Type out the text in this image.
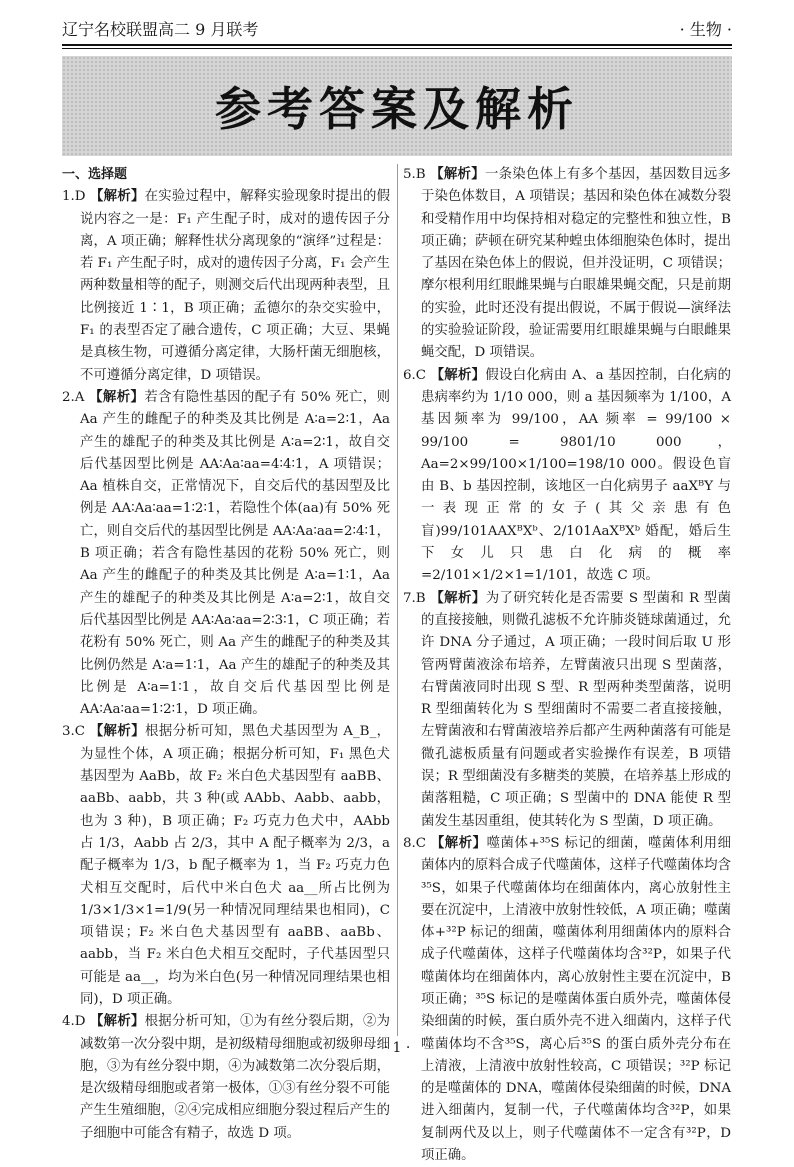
辽宁名校联盟高二 9 月联考	· 生物 ·
参考答案及解析

一、选择题

1.D 【解析】在实验过程中，解释实验现象时提出的假说内容之一是：F₁ 产生配子时，成对的遗传因子分离，A 项正确；解释性状分离现象的“演绎”过程是：若 F₁ 产生配子时，成对的遗传因子分离，F₁ 会产生两种数量相等的配子，则测交后代出现两种表型，且比例接近 1∶1，B 项正确；孟德尔的杂交实验中，F₁ 的表型否定了融合遗传，C 项正确；大豆、果蝇是真核生物，可遵循分离定律，大肠杆菌无细胞核，不可遵循分离定律，D 项错误。

2.A 【解析】若含有隐性基因的配子有 50% 死亡，则 Aa 产生的雌配子的种类及其比例是 A∶a=2∶1，Aa 产生的雄配子的种类及其比例是 A∶a=2∶1，故自交后代基因型比例是 AA∶Aa∶aa=4∶4∶1，A 项错误；Aa 植株自交，正常情况下，自交后代的基因型及比例是 AA∶Aa∶aa=1∶2∶1，若隐性个体(aa)有 50% 死亡，则自交后代的基因型比例是 AA∶Aa∶aa=2∶4∶1，B 项正确；若含有隐性基因的花粉 50% 死亡，则 Aa 产生的雌配子的种类及其比例是 A∶a=1∶1，Aa 产生的雄配子的种类及其比例是 A∶a=2∶1，故自交后代基因型比例是 AA∶Aa∶aa=2∶3∶1，C 项正确；若花粉有 50% 死亡，则 Aa 产生的雌配子的种类及其比例仍然是 A∶a=1∶1，Aa 产生的雄配子的种类及其比例是 A∶a=1∶1，故自交后代基因型比例是 AA∶Aa∶aa=1∶2∶1，D 项正确。

3.C 【解析】根据分析可知，黑色犬基因型为 A_B_，为显性个体，A 项正确；根据分析可知，F₁ 黑色犬基因型为 AaBb，故 F₂ 米白色犬基因型有 aaBB、aaBb、aabb，共 3 种(或 AAbb、Aabb、aabb，也为 3 种)，B 项正确；F₂ 巧克力色犬中，AAbb 占 1/3，Aabb 占 2/3，其中 A 配子概率为 2/3，a 配子概率为 1/3，b 配子概率为 1，当 F₂ 巧克力色犬相互交配时，后代中米白色犬 aa__所占比例为 1/3×1/3×1=1/9(另一种情况同理结果也相同)，C 项错误；F₂ 米白色犬基因型有 aaBB、aaBb、aabb，当 F₂ 米白色犬相互交配时，子代基因型只可能是 aa__，均为米白色(另一种情况同理结果也相同)，D 项正确。

4.D 【解析】根据分析可知，①为有丝分裂后期，②为减数第一次分裂中期，是初级精母细胞或初级卵母细胞，③为有丝分裂中期，④为减数第二次分裂后期，是次级精母细胞或者第一极体，①③有丝分裂不可能产生生殖细胞，②④完成相应细胞分裂过程后产生的子细胞中可能含有精子，故选 D 项。

5.B 【解析】一条染色体上有多个基因，基因数目远多于染色体数目，A 项错误；基因和染色体在减数分裂和受精作用中均保持相对稳定的完整性和独立性，B 项正确；萨顿在研究某种蝗虫体细胞染色体时，提出了基因在染色体上的假说，但并没证明，C 项错误；摩尔根利用红眼雌果蝇与白眼雄果蝇交配，只是前期的实验，此时还没有提出假说，不属于假说—演绎法的实验验证阶段，验证需要用红眼雄果蝇与白眼雌果蝇交配，D 项错误。

6.C 【解析】假设白化病由 A、a 基因控制，白化病的患病率约为 1/10 000，则 a 基因频率为 1/100，A 基因频率为 99/100，AA 频率 = 99/100 × 99/100 = 9801/10 000，Aa=2×99/100×1/100=198/10 000。假设色盲由 B、b 基因控制，该地区一白化病男子 aaXᴮY 与一表现正常的女子(其父亲患有色盲)99/101AAXᴮXᵇ、2/101AaXᴮXᵇ 婚配，婚后生下女儿只患白化病的概率=2/101×1/2×1=1/101，故选 C 项。

7.B 【解析】为了研究转化是否需要 S 型菌和 R 型菌的直接接触，则微孔滤板不允许肺炎链球菌通过，允许 DNA 分子通过，A 项正确；一段时间后取 U 形管两臂菌液涂布培养，左臂菌液只出现 S 型菌落，右臂菌液同时出现 S 型、R 型两种类型菌落，说明 R 型细菌转化为 S 型细菌时不需要二者直接接触，左臂菌液和右臂菌液培养后都产生两种菌落有可能是微孔滤板质量有问题或者实验操作有误差，B 项错误；R 型细菌没有多糖类的荚膜，在培养基上形成的菌落粗糙，C 项正确；S 型菌中的 DNA 能使 R 型菌发生基因重组，使其转化为 S 型菌，D 项正确。

8.C 【解析】噬菌体+³⁵S 标记的细菌，噬菌体利用细菌体内的原料合成子代噬菌体，这样子代噬菌体均含³⁵S，如果子代噬菌体均在细菌体内，离心放射性主要在沉淀中，上清液中放射性较低，A 项正确；噬菌体+³²P 标记的细菌，噬菌体利用细菌体内的原料合成子代噬菌体，这样子代噬菌体均含³²P，如果子代噬菌体均在细菌体内，离心放射性主要在沉淀中，B 项正确；³⁵S 标记的是噬菌体蛋白质外壳，噬菌体侵染细菌的时候，蛋白质外壳不进入细菌内，这样子代噬菌体均不含³⁵S，离心后³⁵S 的蛋白质外壳分布在上清液，上清液中放射性较高，C 项错误；³²P 标记的是噬菌体的 DNA，噬菌体侵染细菌的时候，DNA 进入细菌内，复制一代，子代噬菌体均含³²P，如果复制两代及以上，则子代噬菌体不一定含有³²P，D 项正确。

· 1 ·
